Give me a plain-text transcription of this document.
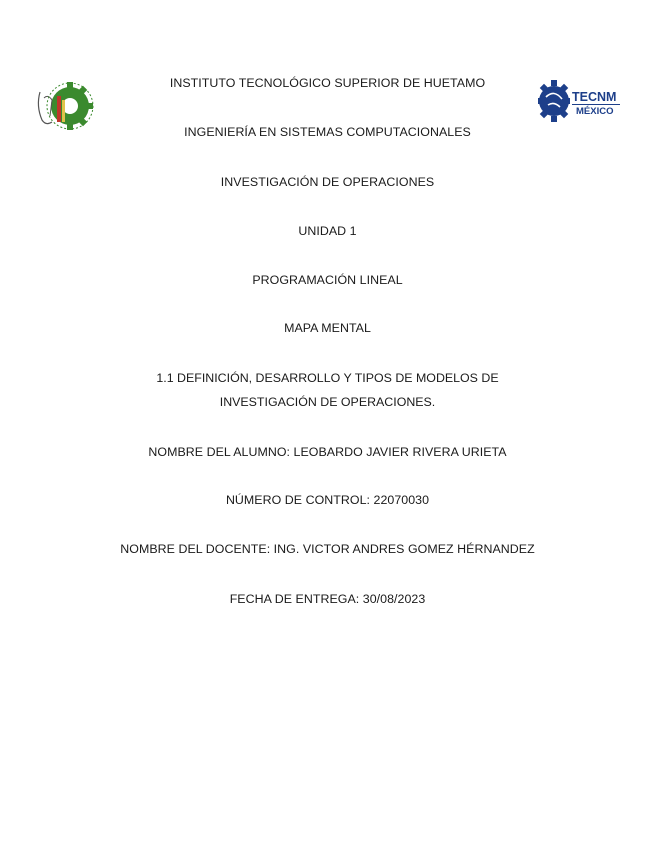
TECNM
MÉXICO
INSTITUTO TECNOLÓGICO SUPERIOR DE HUETAMO
INGENIERÍA EN SISTEMAS COMPUTACIONALES
INVESTIGACIÓN DE OPERACIONES
UNIDAD 1
PROGRAMACIÓN LINEAL
MAPA MENTAL
1.1 DEFINICIÓN, DESARROLLO Y TIPOS DE MODELOS DE
INVESTIGACIÓN DE OPERACIONES.
NOMBRE DEL ALUMNO: LEOBARDO JAVIER RIVERA URIETA
NÚMERO DE CONTROL: 22070030
NOMBRE DEL DOCENTE: ING. VICTOR ANDRES GOMEZ HÉRNANDEZ
FECHA DE ENTREGA: 30/08/2023
